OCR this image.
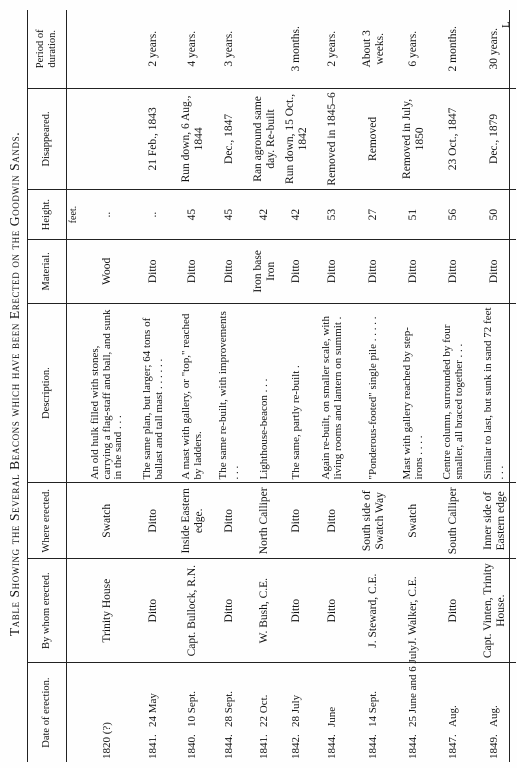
Table Showing the Several Beacons which have been Erected on the Goodwin Sands.
Date of erection.	By whom erected.	Where erected.	Description.	Material.	Height.	Disappeared.	Period of duration.
					feet.		
1820 (?)	Trinity House	Swatch	An old hulk filled with stones, carrying a flag-staff and ball, and sunk in the sand . . .	Wood	..		
1841.24 May	Ditto	Ditto	The same plan, but larger; 64 tons of ballast and tall mast . . . . . .	Ditto	..	21 Feb., 1843	2 years.
1840.10 Sept.	Capt. Bullock, R.N.	Inside Eastern edge.	A mast with gallery, or "top," reached by ladders.	Ditto	45	Run down, 6 Aug., 1844	4 years.
1844.28 Sept.	Ditto	Ditto	The same re-built, with improvements . . .	Ditto	45	Dec., 1847	3 years.
1841.22 Oct.	W. Bush, C.E.	North Calliper	Lighthouse-beacon . . .	Iron base Iron	42	Ran aground same day. Re-built	
1842.28 July	Ditto	Ditto	The same, partly re-built .	Ditto	42	Run down, 15 Oct., 1842	3 months.
1844.June	Ditto	Ditto	Again re-built, on smaller scale, with living rooms and lantern on summit .	Ditto	53	Removed in 1845–6	2 years.
1844.14 Sept.	J. Steward, C.E.	South side of Swatch Way	"Ponderous-footed" single pile . . . . .	Ditto	27	Removed	About 3 weeks.
1844.25 June and 6 July	J. Walker, C.E.	Swatch	Mast with gallery reached by step-irons . . . .	Ditto	51	Removed in July, 1850	6 years.
1847.Aug.	Ditto	South Calliper	Centre column, surrounded by four smaller, all braced together . . .	Ditto	56	23 Oct., 1847	2 months.
1849.Aug.	Capt. Vinten, Trinity House.	Inner side of Eastern edge	Similar to last, but sunk in sand 72 feet . . .	Ditto	50	Dec., 1879	30 years.
L
